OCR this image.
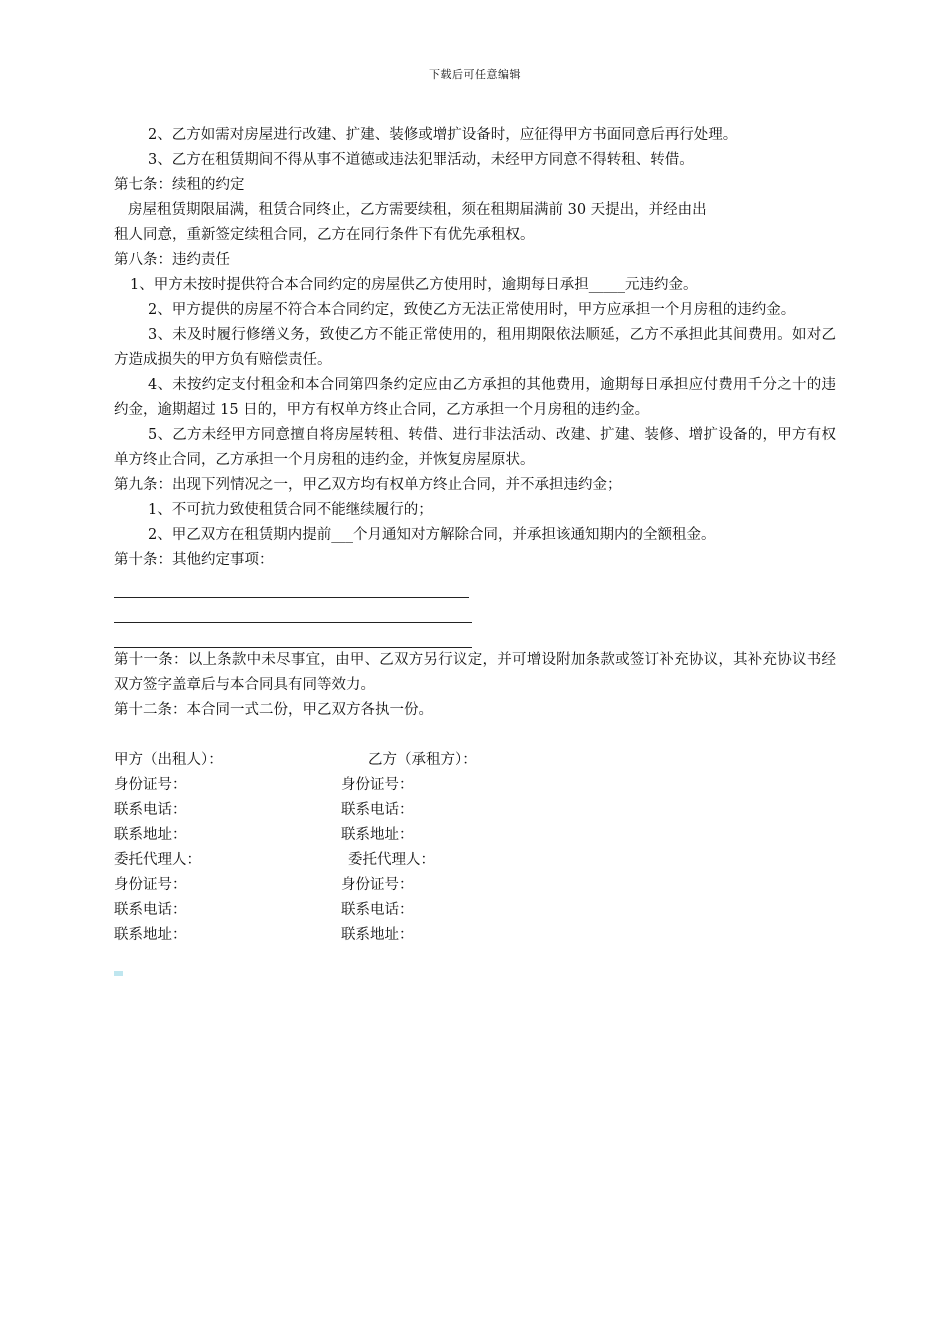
下载后可任意编辑

2、乙方如需对房屋进行改建、扩建、装修或增扩设备时，应征得甲方书面同意后再行处理。

3、乙方在租赁期间不得从事不道德或违法犯罪活动，未经甲方同意不得转租、转借。

第七条：续租的约定

房屋租赁期限届满，租赁合同终止，乙方需要续租，须在租期届满前 30 天提出，并经由出

租人同意，重新签定续租合同，乙方在同行条件下有优先承租权。

第八条：违约责任

1、甲方未按时提供符合本合同约定的房屋供乙方使用时，逾期每日承担_____元违约金。

2、甲方提供的房屋不符合本合同约定，致使乙方无法正常使用时，甲方应承担一个月房租的违约金。

3、未及时履行修缮义务，致使乙方不能正常使用的，租用期限依法顺延，乙方不承担此其间费用。如对乙方造成损失的甲方负有赔偿责任。

4、未按约定支付租金和本合同第四条约定应由乙方承担的其他费用，逾期每日承担应付费用千分之十的违约金，逾期超过 15 日的，甲方有权单方终止合同，乙方承担一个月房租的违约金。

5、乙方未经甲方同意擅自将房屋转租、转借、进行非法活动、改建、扩建、装修、增扩设备的，甲方有权单方终止合同，乙方承担一个月房租的违约金，并恢复房屋原状。

第九条：出现下列情况之一，甲乙双方均有权单方终止合同，并不承担违约金；

1、不可抗力致使租赁合同不能继续履行的；

2、甲乙双方在租赁期内提前___个月通知对方解除合同，并承担该通知期内的全额租金。

第十条：其他约定事项：

第十一条：以上条款中未尽事宜，由甲、乙双方另行议定，并可增设附加条款或签订补充协议，其补充协议书经双方签字盖章后与本合同具有同等效力。

第十二条：本合同一式二份，甲乙双方各执一份。

甲方（出租人）：	乙方（承租方）：
身份证号：	身份证号：
联系电话：	联系电话：
联系地址：	联系地址：
委托代理人：	委托代理人：
身份证号：	身份证号：
联系电话：	联系电话：
联系地址：	联系地址：
